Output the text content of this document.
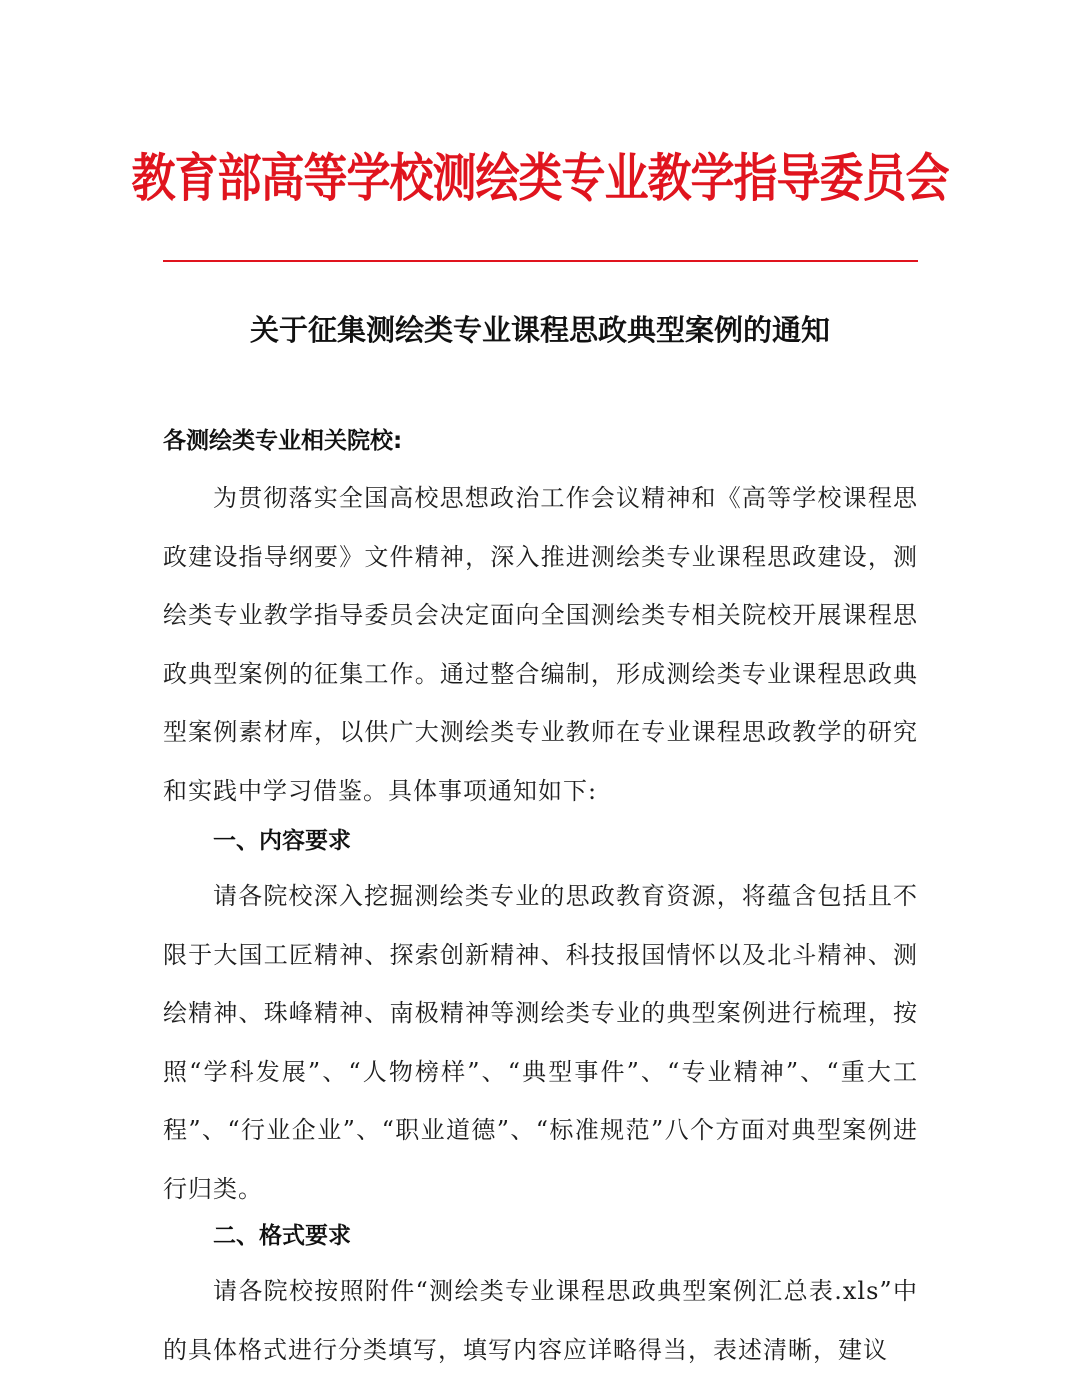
教育部高等学校测绘类专业教学指导委员会
关于征集测绘类专业课程思政典型案例的通知
各测绘类专业相关院校:

为贯彻落实全国高校思想政治工作会议精神和《高等学校课程思政建设指导纲要》文件精神，深入推进测绘类专业课程思政建设，测绘类专业教学指导委员会决定面向全国测绘类专相关院校开展课程思政典型案例的征集工作。通过整合编制，形成测绘类专业课程思政典型案例素材库，以供广大测绘类专业教师在专业课程思政教学的研究和实践中学习借鉴。具体事项通知如下:

一、内容要求

请各院校深入挖掘测绘类专业的思政教育资源，将蕴含包括且不限于大国工匠精神、探索创新精神、科技报国情怀以及北斗精神、测绘精神、珠峰精神、南极精神等测绘类专业的典型案例进行梳理，按照“学科发展”、“人物榜样”、“典型事件”、“专业精神”、“重大工程”、“行业企业”、“职业道德”、“标准规范”八个方面对典型案例进行归类。

二、格式要求

请各院校按照附件“测绘类专业课程思政典型案例汇总表.xls”中的具体格式进行分类填写，填写内容应详略得当，表述清晰，建议
